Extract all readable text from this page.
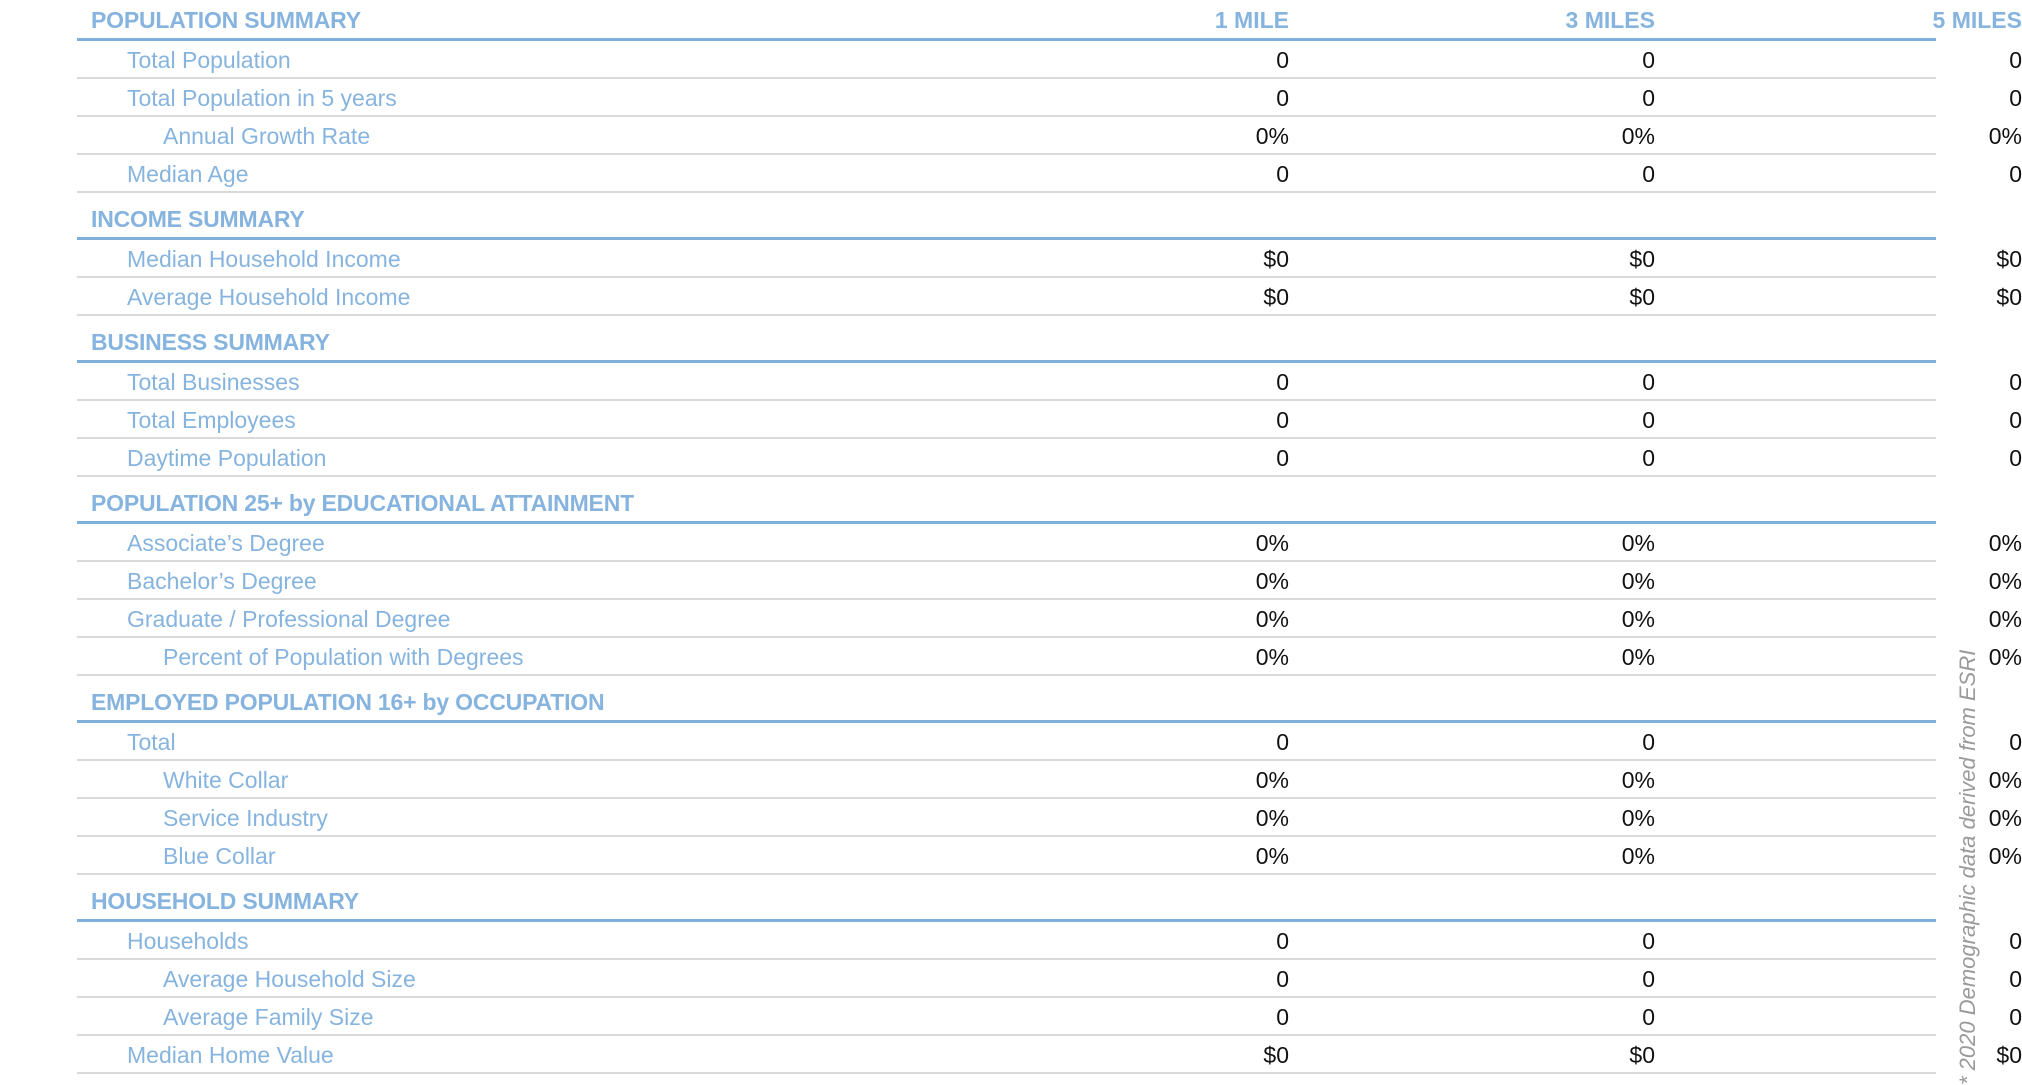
POPULATION SUMMARY	1 MILE	3 MILES	5 MILES
Total Population	0	0	0
Total Population in 5 years	0	0	0
Annual Growth Rate	0%	0%	0%
Median Age	0	0	0
INCOME SUMMARY
Median Household Income	$0	$0	$0
Average Household Income	$0	$0	$0
BUSINESS SUMMARY
Total Businesses	0	0	0
Total Employees	0	0	0
Daytime Population	0	0	0
POPULATION 25+ by EDUCATIONAL ATTAINMENT
Associate’s Degree	0%	0%	0%
Bachelor’s Degree	0%	0%	0%
Graduate / Professional Degree	0%	0%	0%
Percent of Population with Degrees	0%	0%	0%
EMPLOYED POPULATION 16+ by OCCUPATION
Total	0	0	0
White Collar	0%	0%	0%
Service Industry	0%	0%	0%
Blue Collar	0%	0%	0%
HOUSEHOLD SUMMARY
Households	0	0	0
Average Household Size	0	0	0
Average Family Size	0	0	0
Median Home Value	$0	$0	$0
* 2020 Demographic data derived from ESRI
